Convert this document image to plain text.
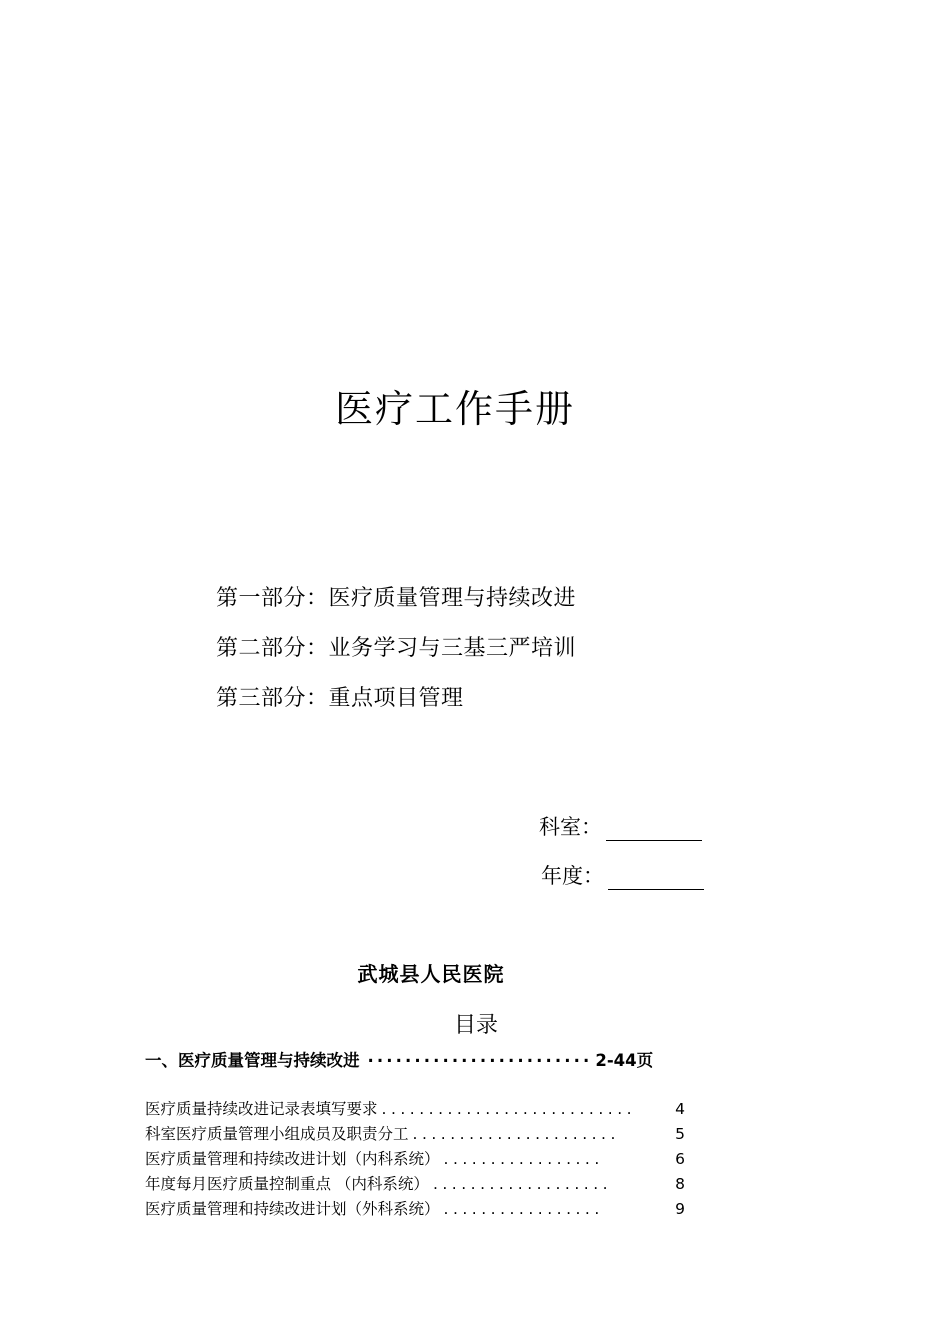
医疗工作手册
第一部分：医疗质量管理与持续改进
第二部分：业务学习与三基三严培训
第三部分：重点项目管理
科室：
年度：
武城县人民医院
目录
一、医疗质量管理与持续改进 ........................ 2-44页
医疗质量持续改进记录表填写要求 ...........................	4
科室医疗质量管理小组成员及职责分工 ......................	5
医疗质量管理和持续改进计划（内科系统） .................	6
年度每月医疗质量控制重点 （内科系统） ...................	8
医疗质量管理和持续改进计划（外科系统） .................	9
